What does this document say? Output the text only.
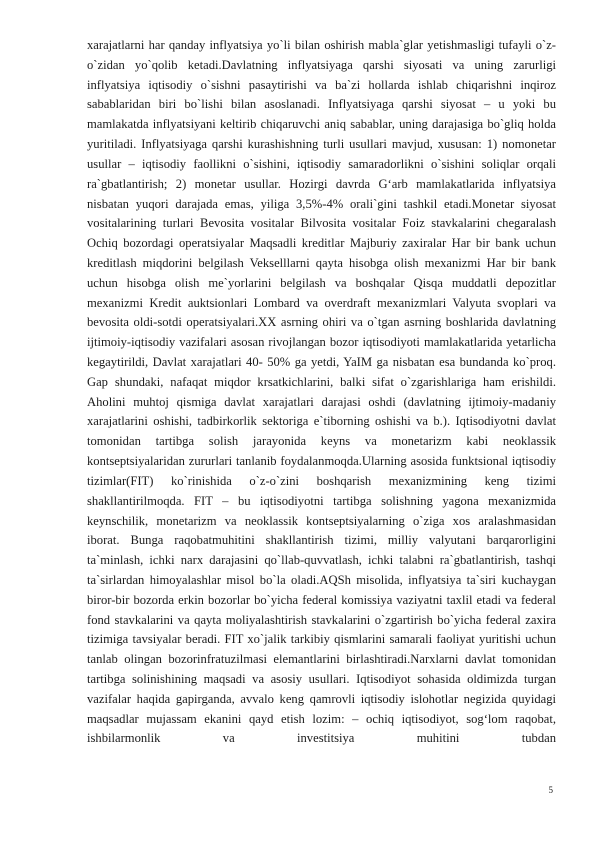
xarajatlarni har qanday inflyatsiya yo`li bilan oshirish mabla`glar yetishmasligi tufayli o`z-o`zidan yo`qolib ketadi.Davlatning inflyatsiyaga qarshi siyosati va uning zarurligi inflyatsiya iqtisodiy o`sishni pasaytirishi va ba`zi hollarda ishlab chiqarishni inqiroz sabablaridan biri bo`lishi bilan asoslanadi. Inflyatsiyaga qarshi siyosat – u yoki bu mamlakatda inflyatsiyani keltirib chiqaruvchi aniq sabablar, uning darajasiga bo`gliq holda yuritiladi. Inflyatsiyaga qarshi kurashishning turli usullari mavjud, xususan: 1) nomonetar usullar – iqtisodiy faollikni o`sishini, iqtisodiy samaradorlikni o`sishini soliqlar orqali ra`gbatlantirish; 2) monetar usullar. Hozirgi davrda G‘arb mamlakatlarida inflyatsiya nisbatan yuqori darajada emas, yiliga 3,5%-4% orali`gini tashkil etadi.Monetar siyosat vositalarining turlari Bevosita vositalar Bilvosita vositalar Foiz stavkalarini chegaralash Ochiq bozordagi operatsiyalar Maqsadli kreditlar Majburiy zaxiralar Har bir bank uchun kreditlash miqdorini belgilash Vekselllarni qayta hisobga olish mexanizmi Har bir bank uchun hisobga olish me`yorlarini belgilash va boshqalar Qisqa muddatli depozitlar mexanizmi Kredit auktsionlari Lombard va overdraft mexanizmlari Valyuta svoplari va bevosita oldi-sotdi operatsiyalari.XX asrning ohiri va o`tgan asrning boshlarida davlatning ijtimoiy-iqtisodiy vazifalari asosan rivojlangan bozor iqtisodiyoti mamlakatlarida yetarlicha kegaytirildi, Davlat xarajatlari 40- 50% ga yetdi, YaIM ga nisbatan esa bundanda ko`proq. Gap shundaki, nafaqat miqdor krsatkichlarini, balki sifat o`zgarishlariga ham erishildi. Aholini muhtoj qismiga davlat xarajatlari darajasi oshdi (davlatning ijtimoiy-madaniy xarajatlarini oshishi, tadbirkorlik sektoriga e`tiborning oshishi va b.). Iqtisodiyotni davlat tomonidan tartibga solish jarayonida keyns va monetarizm kabi neoklassik kontseptsiyalaridan zururlari tanlanib foydalanmoqda.Ularning asosida funktsional iqtisodiy tizimlar(FIT) ko`rinishida o`z-o`zini boshqarish mexanizmining keng tizimi shakllantirilmoqda. FIT – bu iqtisodiyotni tartibga solishning yagona mexanizmida keynschilik, monetarizm va neoklassik kontseptsiyalarning o`ziga xos aralashmasidan iborat. Bunga raqobatmuhitini shakllantirish tizimi, milliy valyutani barqarorligini ta`minlash, ichki narx darajasini qo`llab-quvvatlash, ichki talabni ra`gbatlantirish, tashqi ta`sirlardan himoyalashlar misol bo`la oladi.AQSh misolida, inflyatsiya ta`siri kuchaygan biror-bir bozorda erkin bozorlar bo`yicha federal komissiya vaziyatni taxlil etadi va federal fond stavkalarini va qayta moliyalashtirish stavkalarini o`zgartirish bo`yicha federal zaxira tizimiga tavsiyalar beradi. FIT xo`jalik tarkibiy qismlarini samarali faoliyat yuritishi uchun tanlab olingan bozorinfratuzilmasi elemantlarini birlashtiradi.Narxlarni davlat tomonidan tartibga solinishining maqsadi va asosiy usullari. Iqtisodiyot sohasida oldimizda turgan vazifalar haqida gapirganda, avvalo keng qamrovli iqtisodiy islohotlar negizida quyidagi maqsadlar mujassam ekanini qayd etish lozim: – ochiq iqtisodiyot, sog‘lom raqobat, ishbilarmonlik va investitsiya muhitini tubdan

5
